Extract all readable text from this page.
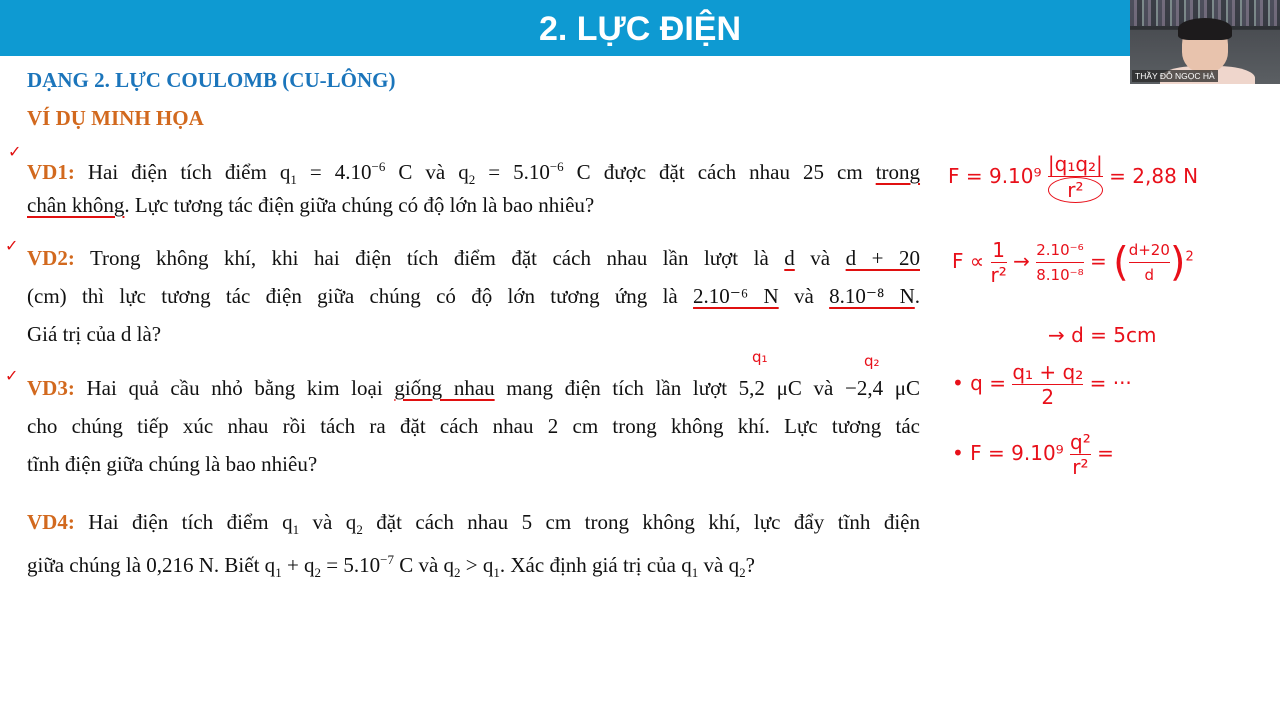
2. LỰC ĐIỆN
THẦY ĐỖ NGỌC HÀ
DẠNG 2. LỰC COULOMB (CU-LÔNG)
VÍ DỤ MINH HỌA
VD1: Hai điện tích điểm $q_1 = 4.10^{-6}$ C và $q_2 = 5.10^{-6}$ C được đặt cách nhau 25 cm trong
chân không. Lực tương tác điện giữa chúng có độ lớn là bao nhiêu?
VD2: Trong không khí, khi hai điện tích điểm đặt cách nhau lần lượt là d và d + 20
(cm) thì lực tương tác điện giữa chúng có độ lớn tương ứng là 2.10⁻⁶ N và 8.10⁻⁸ N.
Giá trị của d là?
VD3: Hai quả cầu nhỏ bằng kim loại giống nhau mang điện tích lần lượt 5,2 μC và −2,4 μC
cho chúng tiếp xúc nhau rồi tách ra đặt cách nhau 2 cm trong không khí. Lực tương tác
tĩnh điện giữa chúng là bao nhiêu?
VD4: Hai điện tích điểm $q_1$ và $q_2$ đặt cách nhau 5 cm trong không khí, lực đẩy tĩnh điện
giữa chúng là 0,216 N. Biết $q_1 + q_2 = 5.10^{-7}$ C và $q_2 > q_1$. Xác định giá trị của $q_1$ và $q_2$?
✓
✓
✓
q₁	q₂
$F = 9.10^9 \frac{\text{|q₁q₂|}}{\text{r²}} = 2,88$ N
$F \propto \frac{1}{\text{r²}} \to \frac{\text{2.10⁻⁶}}{\text{8.10⁻⁸}}$ = ( $\frac{d+20}{d} )^2$
→ d = 5cm
• $q = \frac{\text{q₁ + q₂}}{2}$ = ···
• $F = 9.10^9 \frac{\text{q²}}{\text{r²}}$ =
